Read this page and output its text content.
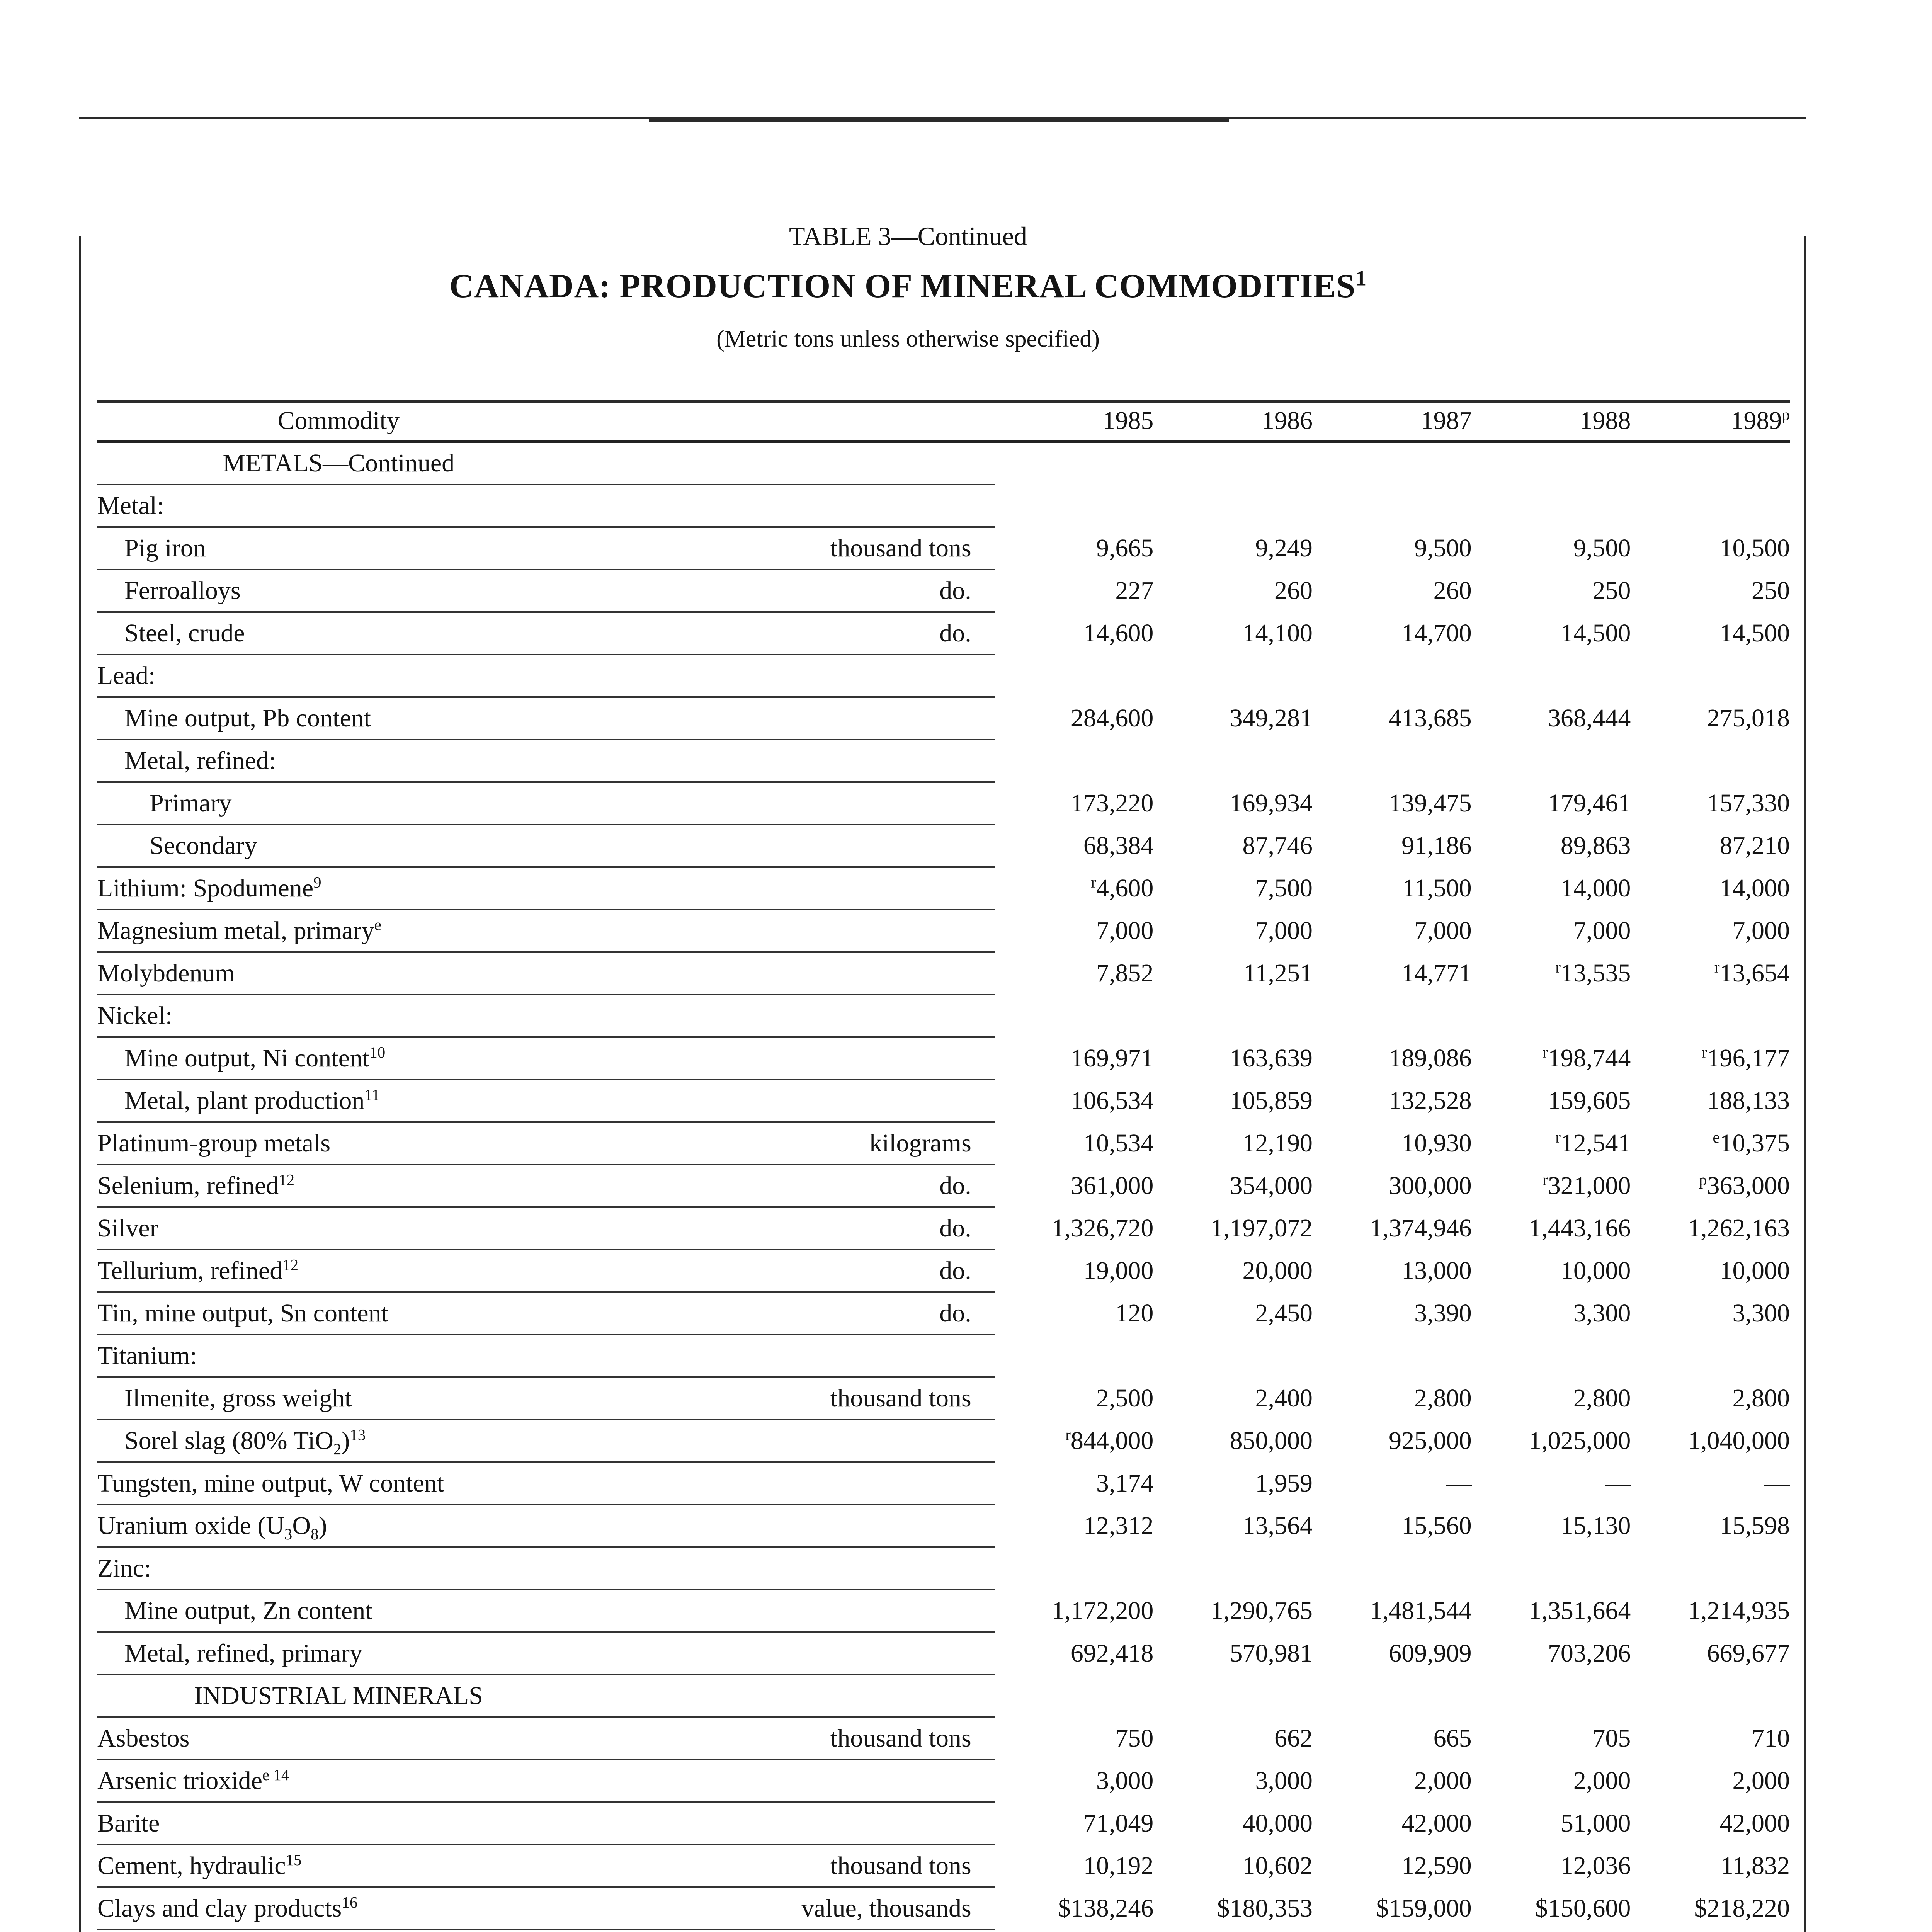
TABLE 3—Continued
CANADA: PRODUCTION OF MINERAL COMMODITIES$^1$
(Metric tons unless otherwise specified)
Commodity		1985	1986	1987	1988	1989$^p$
METALS—Continued						
Metal:						
Pig iron	thousand tons	9,665	9,249	9,500	9,500	10,500
Ferroalloys	do.	227	260	260	250	250
Steel, crude	do.	14,600	14,100	14,700	14,500	14,500
Lead:						
Mine output, Pb content		284,600	349,281	413,685	368,444	275,018
Metal, refined:						
Primary		173,220	169,934	139,475	179,461	157,330
Secondary		68,384	87,746	91,186	89,863	87,210
Lithium: Spodumene$^9$		$^r$4,600	7,500	11,500	14,000	14,000
Magnesium metal, primary$^e$		7,000	7,000	7,000	7,000	7,000
Molybdenum		7,852	11,251	14,771	$^r$13,535	$^r$13,654
Nickel:						
Mine output, Ni content$^{10}$		169,971	163,639	189,086	$^r$198,744	$^r$196,177
Metal, plant production$^{11}$		106,534	105,859	132,528	159,605	188,133
Platinum-group metals	kilograms	10,534	12,190	10,930	$^r$12,541	$^e$10,375
Selenium, refined$^{12}$	do.	361,000	354,000	300,000	$^r$321,000	$^p$363,000
Silver	do.	1,326,720	1,197,072	1,374,946	1,443,166	1,262,163
Tellurium, refined$^{12}$	do.	19,000	20,000	13,000	10,000	10,000
Tin, mine output, Sn content	do.	120	2,450	3,390	3,300	3,300
Titanium:						
Ilmenite, gross weight	thousand tons	2,500	2,400	2,800	2,800	2,800
Sorel slag (80% TiO$_2$)$^{13}$		$^r$844,000	850,000	925,000	1,025,000	1,040,000
Tungsten, mine output, W content		3,174	1,959	—	—	—
Uranium oxide $(U_3O_8)$		12,312	13,564	15,560	15,130	15,598
Zinc:						
Mine output, Zn content		1,172,200	1,290,765	1,481,544	1,351,664	1,214,935
Metal, refined, primary		692,418	570,981	609,909	703,206	669,677
INDUSTRIAL MINERALS						
Asbestos	thousand tons	750	662	665	705	710
Arsenic trioxide$^{e 14}$		3,000	3,000	2,000	2,000	2,000
Barite		71,049	40,000	42,000	51,000	42,000
Cement, hydraulic$^{15}$	thousand tons	10,192	10,602	12,590	12,036	11,832
Clays and clay products$^{16}$	value, thousands	$138,246	$180,353	$159,000	$150,600	$218,220
